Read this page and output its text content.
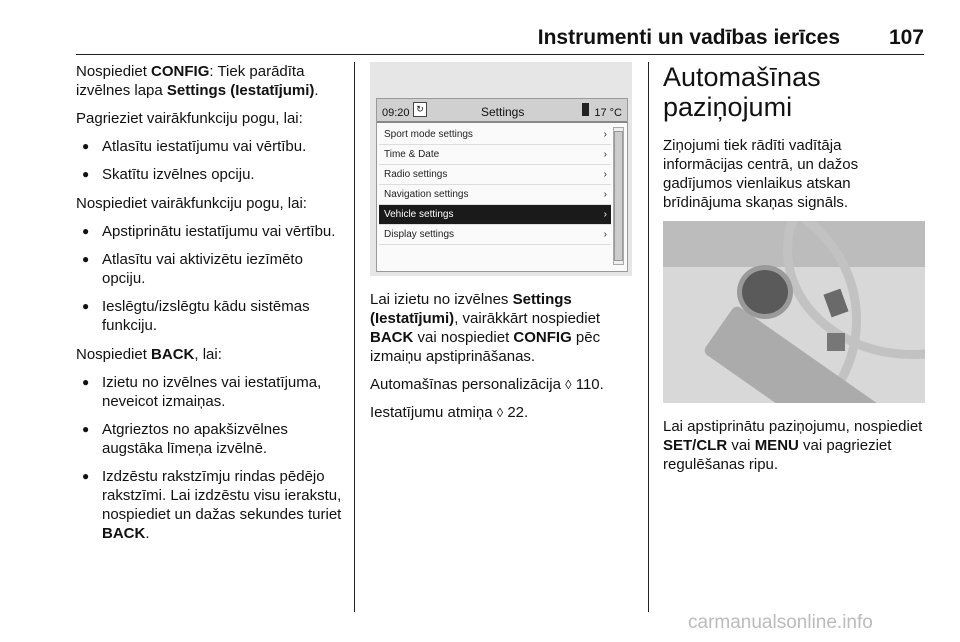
Instrumenti un vadības ierīces 107

Nospiediet CONFIG: Tiek parādīta izvēlnes lapa Settings (Iestatījumi).

Pagrieziet vairākfunkciju pogu, lai:

● Atlasītu iestatījumu vai vērtību.
● Skatītu izvēlnes opciju.

Nospiediet vairākfunkciju pogu, lai:

● Apstiprinātu iestatījumu vai vērtību.
● Atlasītu vai aktivizētu iezīmēto opciju.
● Ieslēgtu/izslēgtu kādu sistēmas funkciju.

Nospiediet BACK, lai:

● Izietu no izvēlnes vai iestatījuma, neveicot izmaiņas.
● Atgrieztos no apakšizvēlnes augstāka līmeņa izvēlnē.
● Izdzēstu rakstzīmju rindas pēdējo rakstzīmi. Lai izdzēstu visu ierakstu, nospiediet un dažas sekundes turiet BACK.
09:20 ↻	Settings	17 °C
Sport mode settings	›
Time & Date	›
Radio settings	›
Navigation settings	›
Vehicle settings	›
Display settings	›

Lai izietu no izvēlnes Settings (Iestatījumi), vairākkārt nospiediet BACK vai nospiediet CONFIG pēc izmaiņu apstiprināšanas.

Automašīnas personalizācija ◊ 110.

Iestatījumu atmiņa ◊ 22.

Automašīnas paziņojumi

Ziņojumi tiek rādīti vadītāja informācijas centrā, un dažos gadījumos vienlaikus atskan brīdinājuma skaņas signāls.

Lai apstiprinātu paziņojumu, nospiediet SET/CLR vai MENU vai pagrieziet regulēšanas ripu.

carmanualsonline.info
